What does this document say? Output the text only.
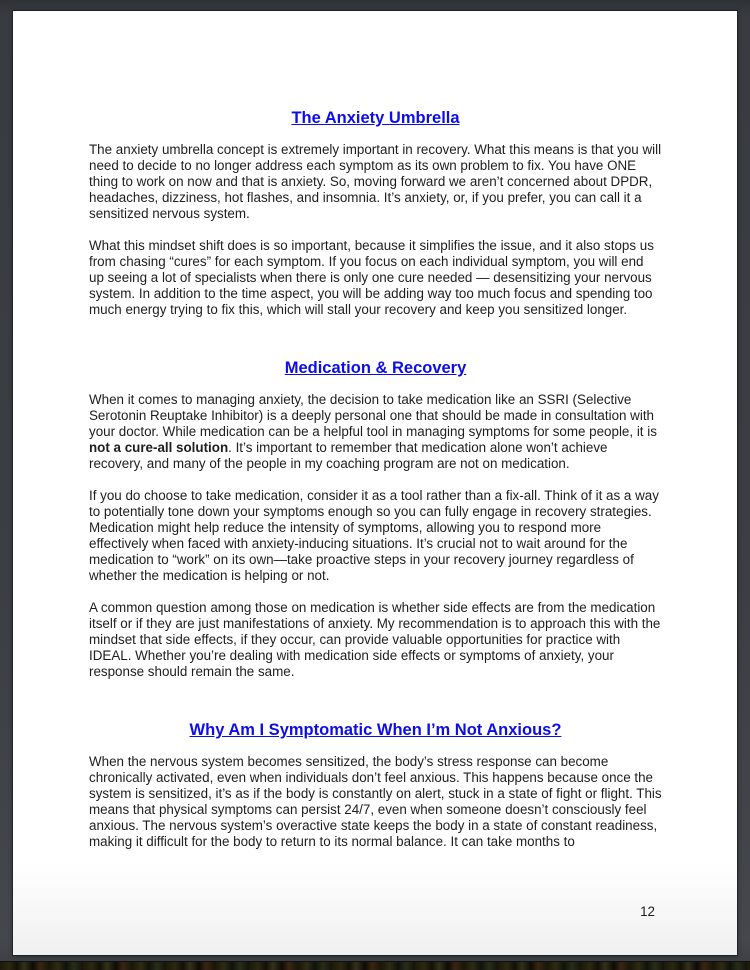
The Anxiety Umbrella

The anxiety umbrella concept is extremely important in recovery. What this means is that you will need to decide to no longer address each symptom as its own problem to fix. You have ONE thing to work on now and that is anxiety. So, moving forward we aren’t concerned about DPDR, headaches, dizziness, hot flashes, and insomnia. It’s anxiety, or, if you prefer, you can call it a sensitized nervous system.

What this mindset shift does is so important, because it simplifies the issue, and it also stops us from chasing “cures” for each symptom. If you focus on each individual symptom, you will end up seeing a lot of specialists when there is only one cure needed — desensitizing your nervous system. In addition to the time aspect, you will be adding way too much focus and spending too much energy trying to fix this, which will stall your recovery and keep you sensitized longer.

Medication & Recovery

When it comes to managing anxiety, the decision to take medication like an SSRI (Selective Serotonin Reuptake Inhibitor) is a deeply personal one that should be made in consultation with your doctor. While medication can be a helpful tool in managing symptoms for some people, it is not a cure-all solution. It’s important to remember that medication alone won’t achieve recovery, and many of the people in my coaching program are not on medication.

If you do choose to take medication, consider it as a tool rather than a fix-all. Think of it as a way to potentially tone down your symptoms enough so you can fully engage in recovery strategies. Medication might help reduce the intensity of symptoms, allowing you to respond more effectively when faced with anxiety-inducing situations. It’s crucial not to wait around for the medication to “work” on its own—take proactive steps in your recovery journey regardless of whether the medication is helping or not.

A common question among those on medication is whether side effects are from the medication itself or if they are just manifestations of anxiety. My recommendation is to approach this with the mindset that side effects, if they occur, can provide valuable opportunities for practice with IDEAL. Whether you’re dealing with medication side effects or symptoms of anxiety, your response should remain the same.

Why Am I Symptomatic When I’m Not Anxious?

When the nervous system becomes sensitized, the body’s stress response can become chronically activated, even when individuals don’t feel anxious. This happens because once the system is sensitized, it’s as if the body is constantly on alert, stuck in a state of fight or flight. This means that physical symptoms can persist 24/7, even when someone doesn’t consciously feel anxious. The nervous system’s overactive state keeps the body in a state of constant readiness, making it difficult for the body to return to its normal balance. It can take months to

12
